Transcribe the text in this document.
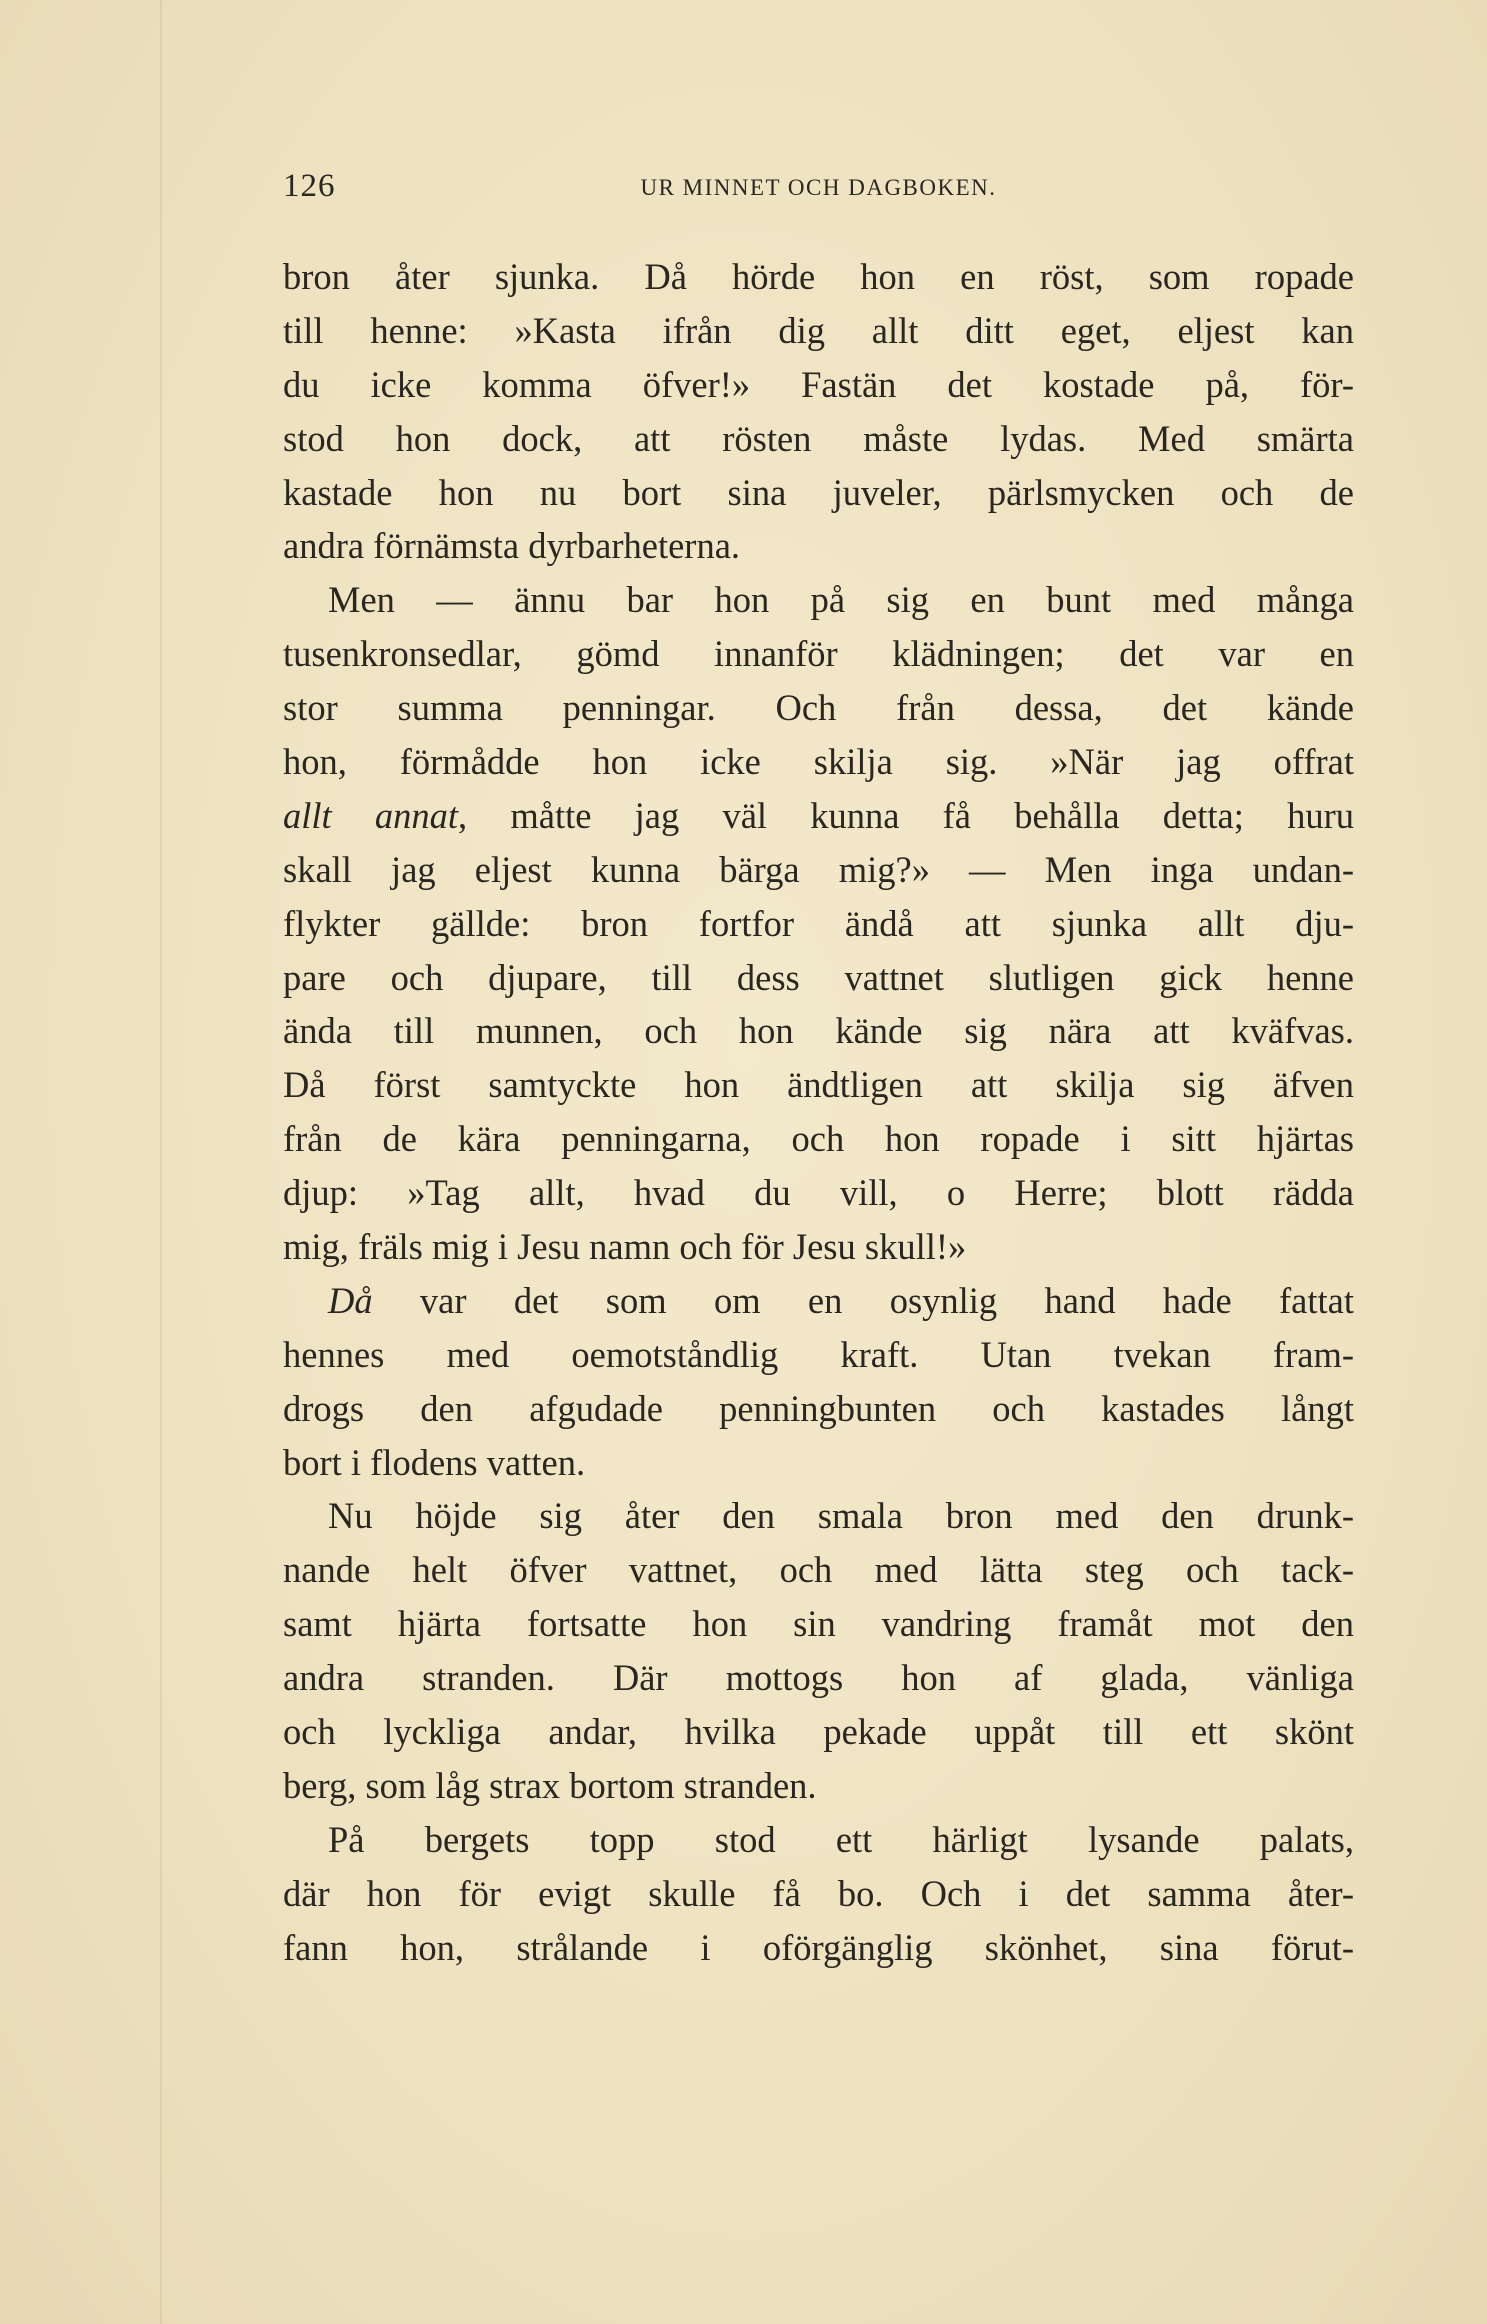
126	UR MINNET OCH DAGBOKEN.
bron åter sjunka. Då hörde hon en röst, som ropade
till henne: »Kasta ifrån dig allt ditt eget, eljest kan
du icke komma öfver!» Fastän det kostade på, för-
stod hon dock, att rösten måste lydas. Med smärta
kastade hon nu bort sina juveler, pärlsmycken och de
andra förnämsta dyrbarheterna.
Men — ännu bar hon på sig en bunt med många
tusenkronsedlar, gömd innanför klädningen; det var en
stor summa penningar. Och från dessa, det kände
hon, förmådde hon icke skilja sig. »När jag offrat
allt annat, måtte jag väl kunna få behålla detta; huru
skall jag eljest kunna bärga mig?» — Men inga undan-
flykter gällde: bron fortfor ändå att sjunka allt dju-
pare och djupare, till dess vattnet slutligen gick henne
ända till munnen, och hon kände sig nära att kväfvas.
Då först samtyckte hon ändtligen att skilja sig äfven
från de kära penningarna, och hon ropade i sitt hjärtas
djup: »Tag allt, hvad du vill, o Herre; blott rädda
mig, fräls mig i Jesu namn och för Jesu skull!»
Då var det som om en osynlig hand hade fattat
hennes med oemotståndlig kraft. Utan tvekan fram-
drogs den afgudade penningbunten och kastades långt
bort i flodens vatten.
Nu höjde sig åter den smala bron med den drunk-
nande helt öfver vattnet, och med lätta steg och tack-
samt hjärta fortsatte hon sin vandring framåt mot den
andra stranden. Där mottogs hon af glada, vänliga
och lyckliga andar, hvilka pekade uppåt till ett skönt
berg, som låg strax bortom stranden.
På bergets topp stod ett härligt lysande palats,
där hon för evigt skulle få bo. Och i det samma åter-
fann hon, strålande i oförgänglig skönhet, sina förut-
